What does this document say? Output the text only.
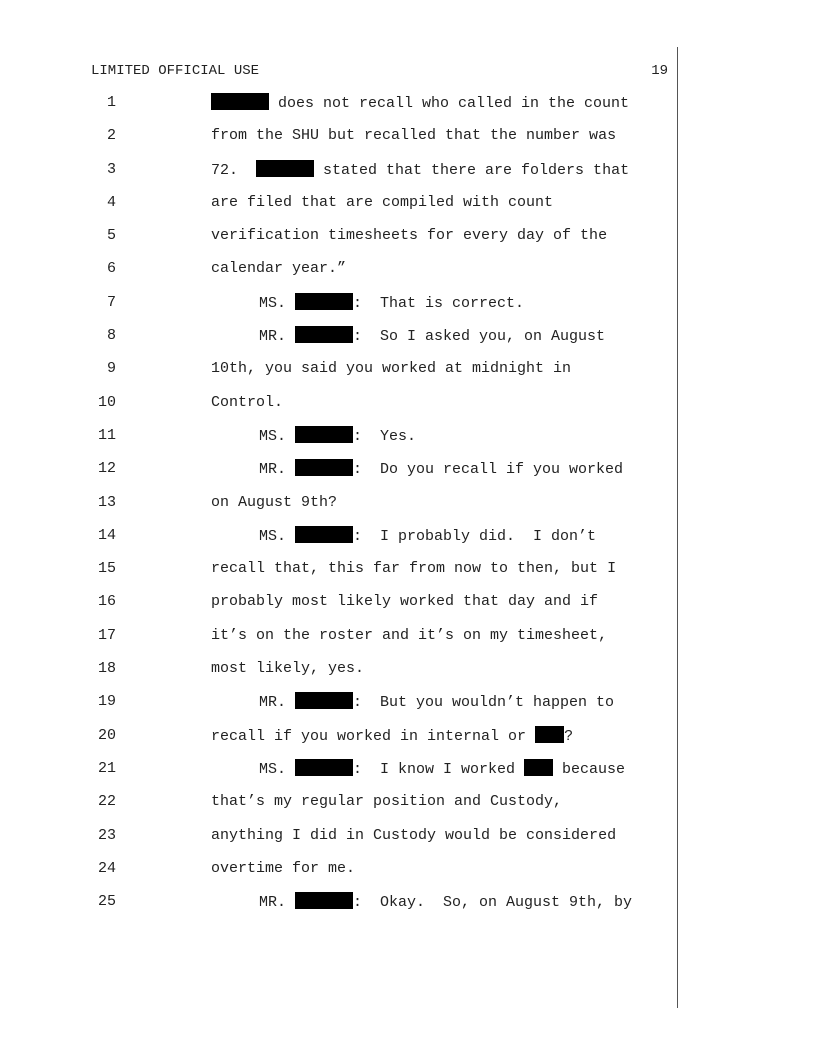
LIMITED OFFICIAL USE	19
1	does not recall who called in the count
2	from the SHU but recalled that the number was
3	72.	stated that there are folders that
4	are filed that are compiled with count
5	verification timesheets for every day of the
6	calendar year.”
7	MS.	:  That is correct.
8	MR.	:  So I asked you, on August
9	10th, you said you worked at midnight in
10	Control.
11	MS.	:  Yes.
12	MR.	:  Do you recall if you worked
13	on August 9th?
14	MS.	:  I probably did.  I don’t
15	recall that, this far from now to then, but I
16	probably most likely worked that day and if
17	it’s on the roster and it’s on my timesheet,
18	most likely, yes.
19	MR.	:  But you wouldn’t happen to
20	recall if you worked in internal or ?
21	MS.	:  I know I worked  because
22	that’s my regular position and Custody,
23	anything I did in Custody would be considered
24	overtime for me.
25	MR.	:  Okay.  So, on August 9th, by
